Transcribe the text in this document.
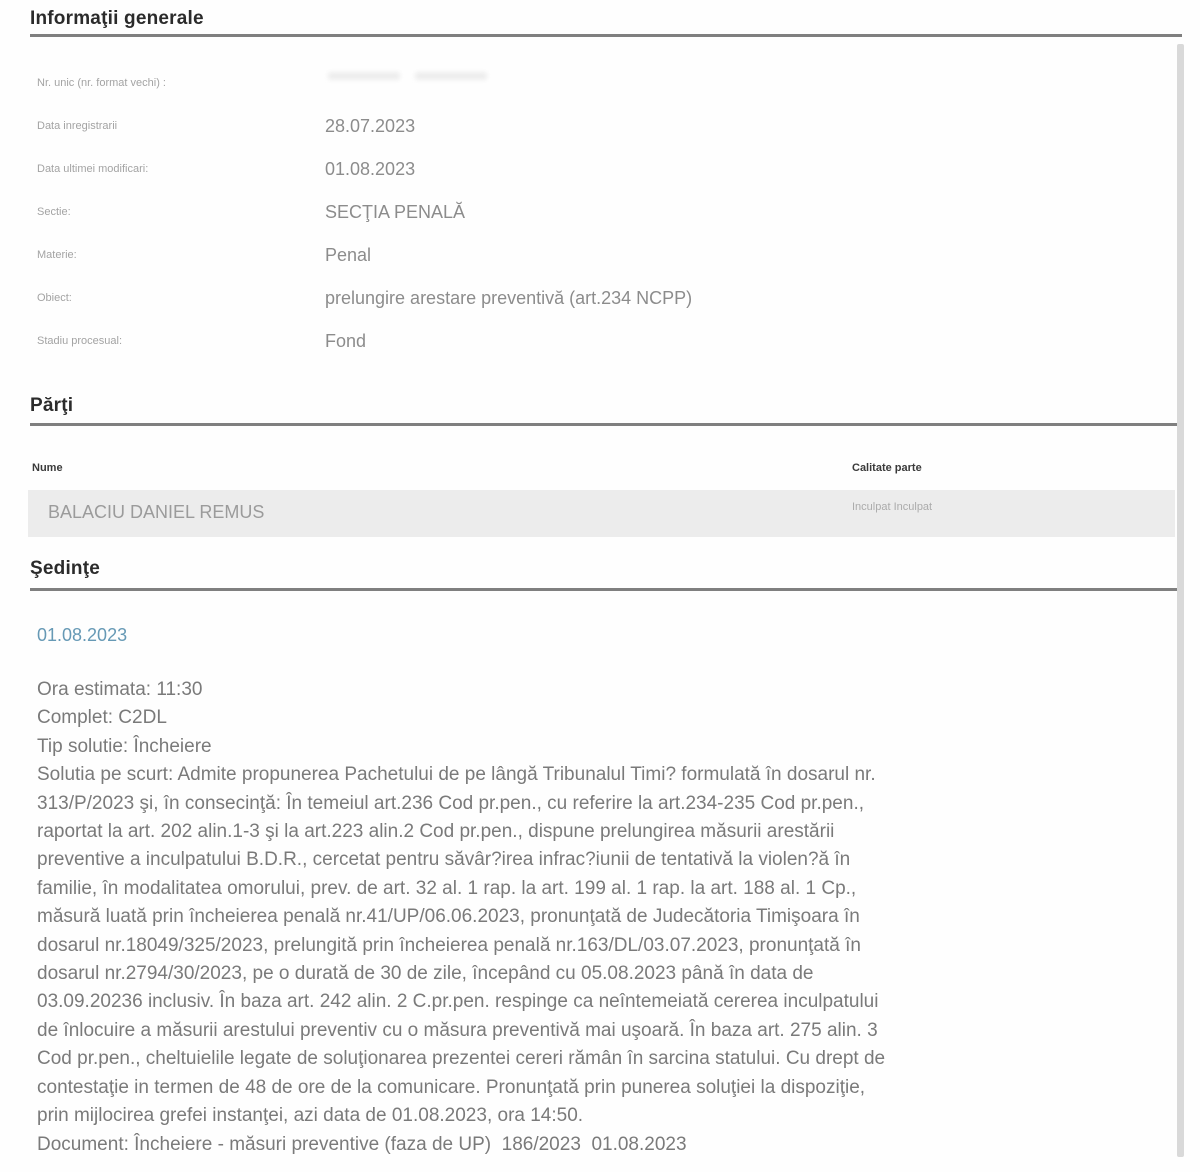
Informaţii generale
Nr. unic (nr. format vechi) :
Data inregistrarii	28.07.2023
Data ultimei modificari:	01.08.2023
Sectie:	SECŢIA PENALĂ
Materie:	Penal
Obiect:	prelungire arestare preventivă (art.234 NCPP)
Stadiu procesual:	Fond
Părţi
Nume	Calitate parte
BALACIU DANIEL REMUS	Inculpat Inculpat
Şedinţe
01.08.2023
Ora estimata: 11:30
Complet: C2DL
Tip solutie: Încheiere
Solutia pe scurt: Admite propunerea Pachetului de pe lângă Tribunalul Timi? formulată în dosarul nr.
313/P/2023 şi, în consecinţă: În temeiul art.236 Cod pr.pen., cu referire la art.234-235 Cod pr.pen.,
raportat la art. 202 alin.1-3 şi la art.223 alin.2 Cod pr.pen., dispune prelungirea măsurii arestării
preventive a inculpatului B.D.R., cercetat pentru săvâr?irea infrac?iunii de tentativă la violen?ă în
familie, în modalitatea omorului, prev. de art. 32 al. 1 rap. la art. 199 al. 1 rap. la art. 188 al. 1 Cp.,
măsură luată prin încheierea penală nr.41/UP/06.06.2023, pronunţată de Judecătoria Timişoara în
dosarul nr.18049/325/2023, prelungită prin încheierea penală nr.163/DL/03.07.2023, pronunţată în
dosarul nr.2794/30/2023, pe o durată de 30 de zile, începând cu 05.08.2023 până în data de
03.09.20236 inclusiv. În baza art. 242 alin. 2 C.pr.pen. respinge ca neîntemeiată cererea inculpatului
de înlocuire a măsurii arestului preventiv cu o măsura preventivă mai uşoară. În baza art. 275 alin. 3
Cod pr.pen., cheltuielile legate de soluţionarea prezentei cereri rămân în sarcina statului. Cu drept de
contestaţie in termen de 48 de ore de la comunicare. Pronunţată prin punerea soluţiei la dispoziţie,
prin mijlocirea grefei instanţei, azi data de 01.08.2023, ora 14:50.
Document: Încheiere - măsuri preventive (faza de UP)  186/2023  01.08.2023
